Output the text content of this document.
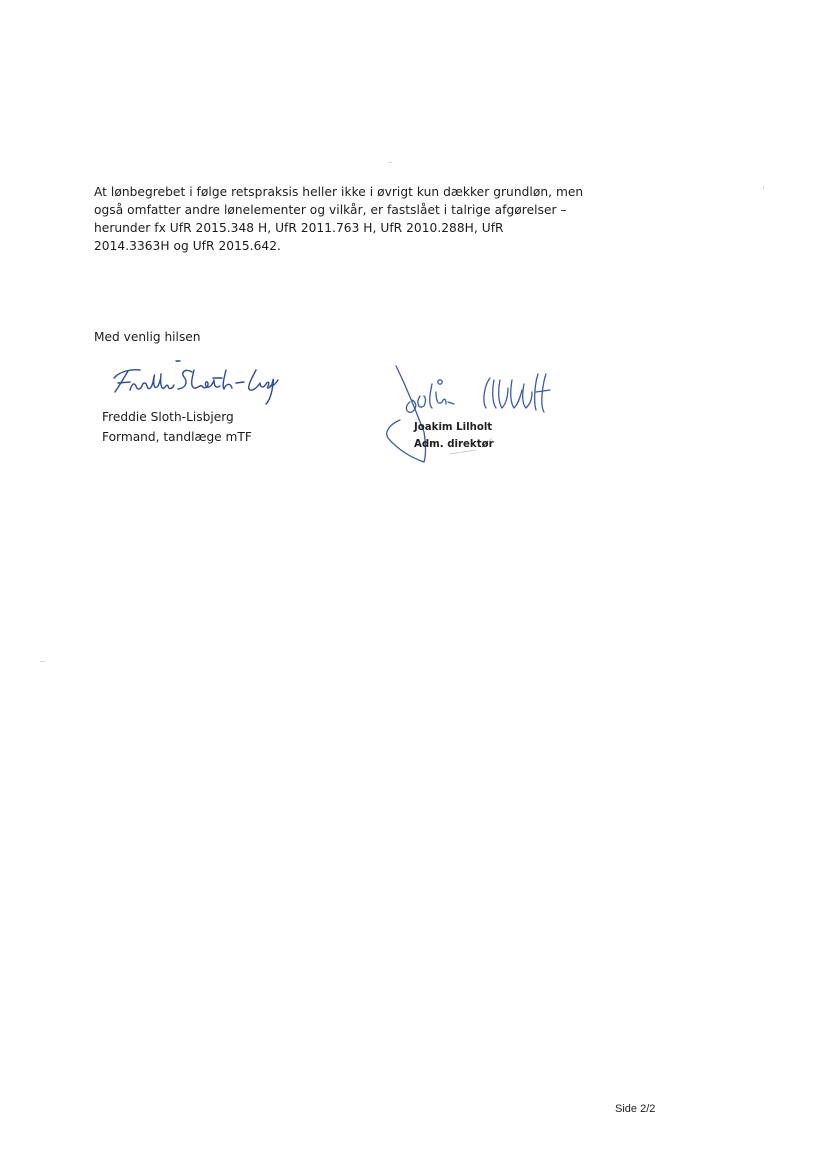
At lønbegrebet i følge retspraksis heller ikke i øvrigt kun dækker grundløn, men
også omfatter andre lønelementer og vilkår, er fastslået i talrige afgørelser –
herunder fx UfR 2015.348 H, UfR 2011.763 H, UfR 2010.288H, UfR
2014.3363H og UfR 2015.642.
Med venlig hilsen
Freddie Sloth-Lisbjerg
Formand, tandlæge mTF
Joakim Lilholt
Adm. direktør
Side 2/2
